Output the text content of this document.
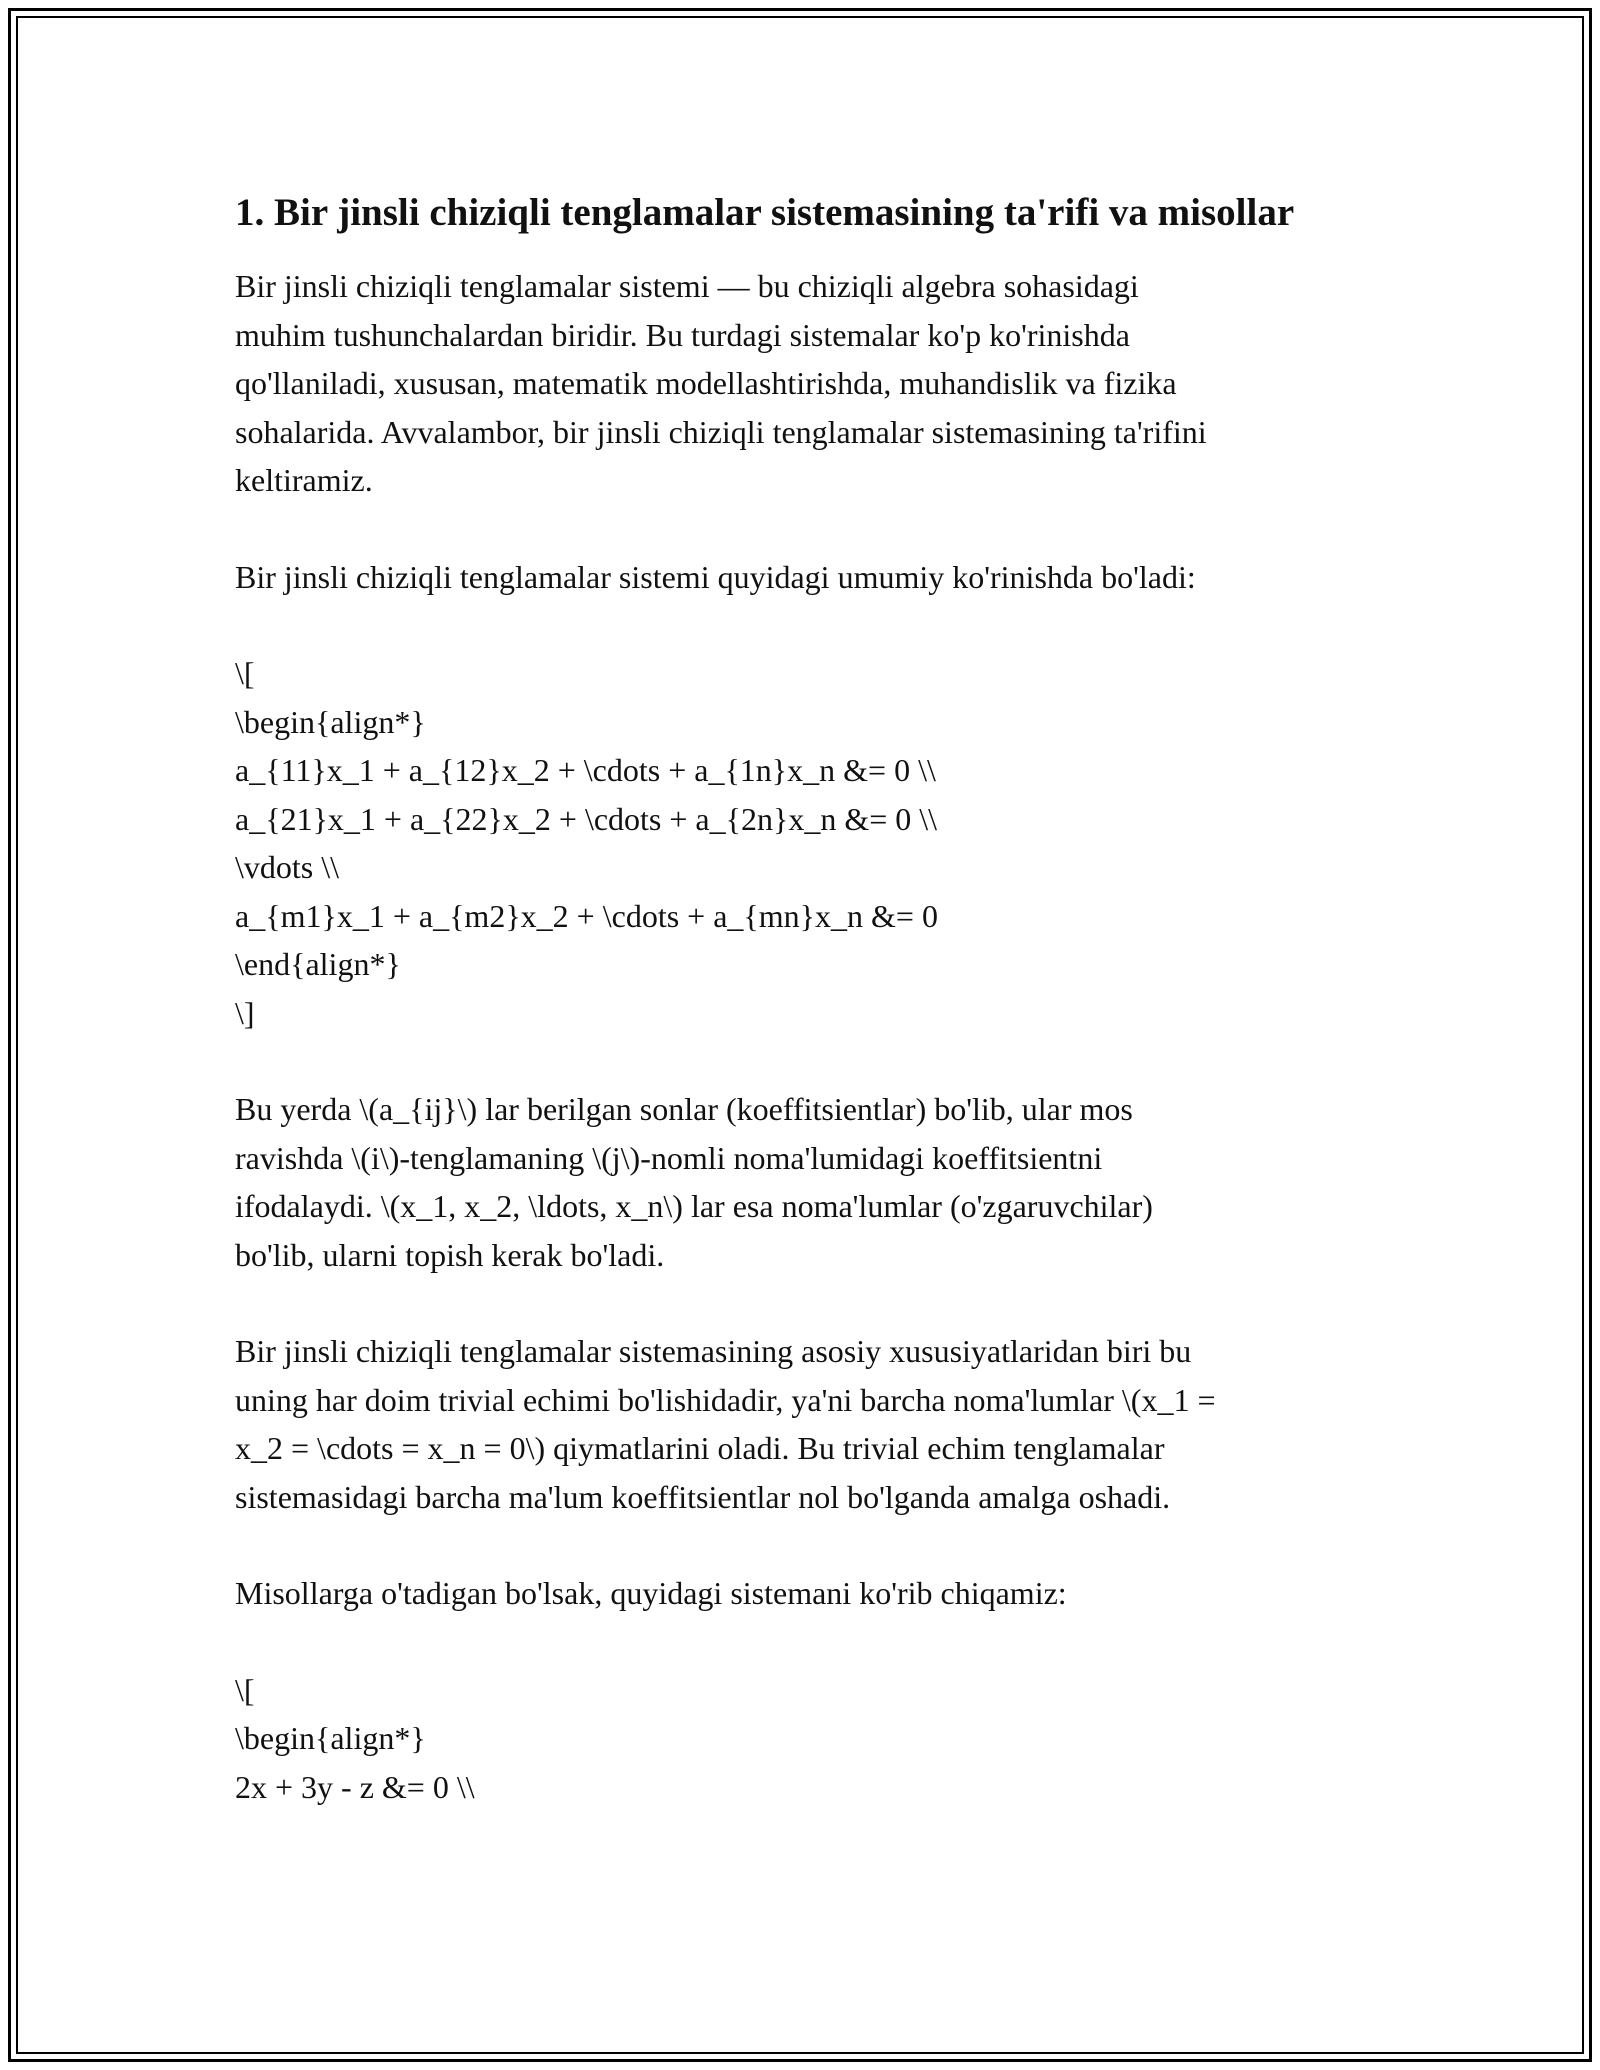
1. Bir jinsli chiziqli tenglamalar sistemasining ta'rifi va misollar

Bir jinsli chiziqli tenglamalar sistemi — bu chiziqli algebra sohasidagi
muhim tushunchalardan biridir. Bu turdagi sistemalar ko'p ko'rinishda
qo'llaniladi, xususan, matematik modellashtirishda, muhandislik va fizika
sohalarida. Avvalambor, bir jinsli chiziqli tenglamalar sistemasining ta'rifini
keltiramiz.

Bir jinsli chiziqli tenglamalar sistemi quyidagi umumiy ko'rinishda bo'ladi:

\[
\begin{align*}
a_{11}x_1 + a_{12}x_2 + \cdots + a_{1n}x_n &= 0 \\
a_{21}x_1 + a_{22}x_2 + \cdots + a_{2n}x_n &= 0 \\
\vdots \\
a_{m1}x_1 + a_{m2}x_2 + \cdots + a_{mn}x_n &= 0
\end{align*}
\]

Bu yerda \(a_{ij}\) lar berilgan sonlar (koeffitsientlar) bo'lib, ular mos
ravishda \(i\)-tenglamaning \(j\)-nomli noma'lumidagi koeffitsientni
ifodalaydi. \(x_1, x_2, \ldots, x_n\) lar esa noma'lumlar (o'zgaruvchilar)
bo'lib, ularni topish kerak bo'ladi.

Bir jinsli chiziqli tenglamalar sistemasining asosiy xususiyatlaridan biri bu
uning har doim trivial echimi bo'lishidadir, ya'ni barcha noma'lumlar \(x_1 =
x_2 = \cdots = x_n = 0\) qiymatlarini oladi. Bu trivial echim tenglamalar
sistemasidagi barcha ma'lum koeffitsientlar nol bo'lganda amalga oshadi.

Misollarga o'tadigan bo'lsak, quyidagi sistemani ko'rib chiqamiz:

\[
\begin{align*}
2x + 3y - z &= 0 \\
